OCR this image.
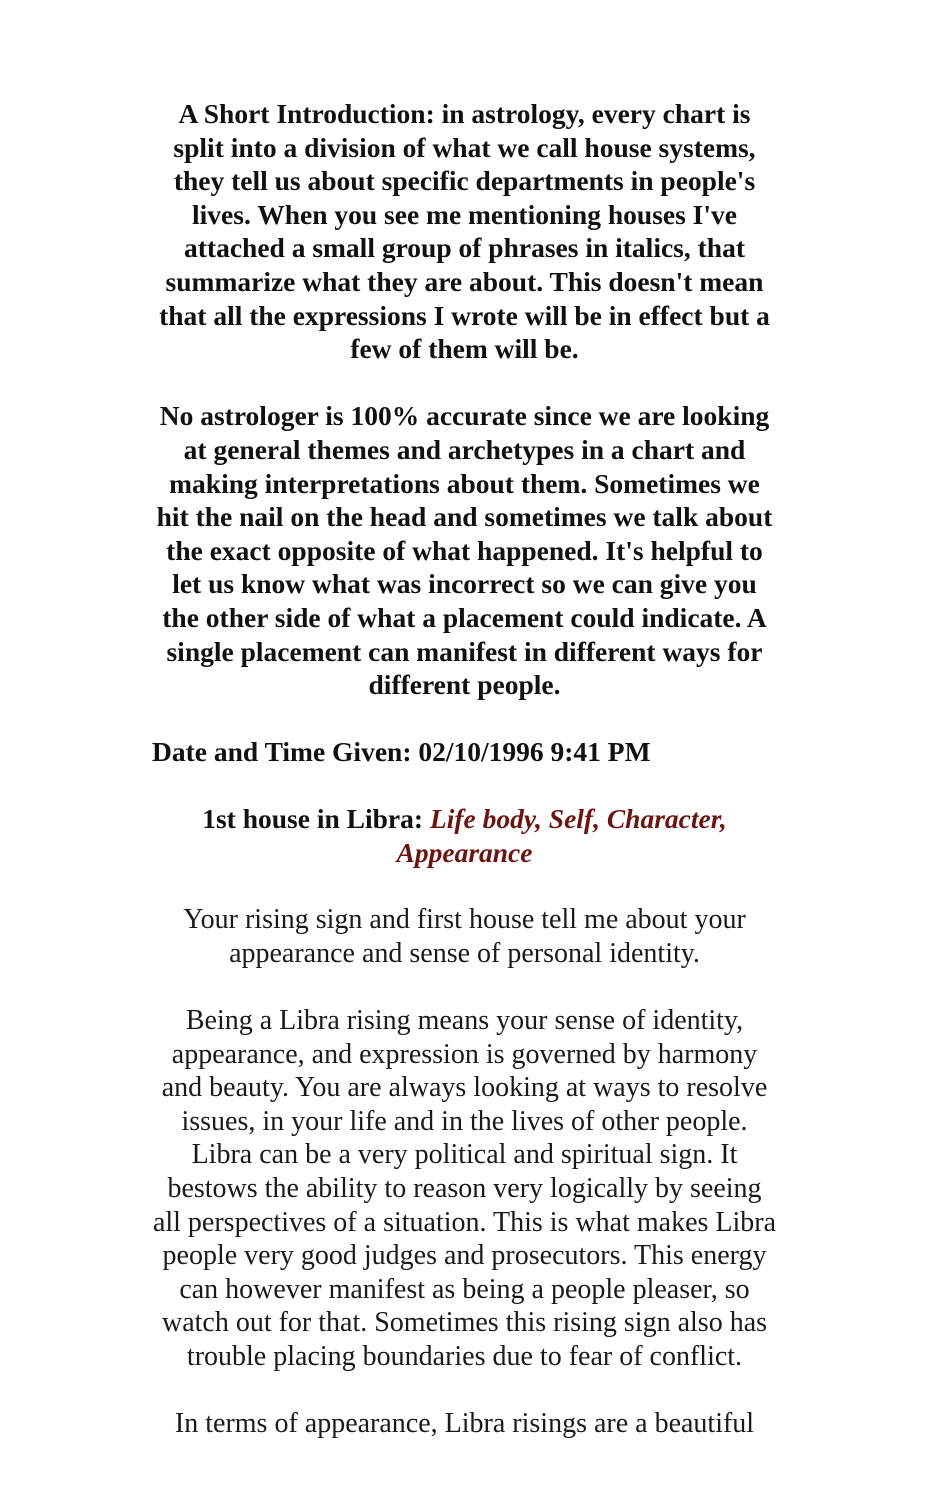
A Short Introduction: in astrology, every chart is split into a division of what we call house systems, they tell us about specific departments in people's lives. When you see me mentioning houses I've attached a small group of phrases in italics, that summarize what they are about. This doesn't mean that all the expressions I wrote will be in effect but a few of them will be.

No astrologer is 100% accurate since we are looking at general themes and archetypes in a chart and making interpretations about them. Sometimes we hit the nail on the head and sometimes we talk about the exact opposite of what happened. It's helpful to let us know what was incorrect so we can give you the other side of what a placement could indicate. A single placement can manifest in different ways for different people.

Date and Time Given: 02/10/1996 9:41 PM

1st house in Libra: Life body, Self, Character, Appearance

Your rising sign and first house tell me about your appearance and sense of personal identity.

Being a Libra rising means your sense of identity, appearance, and expression is governed by harmony and beauty. You are always looking at ways to resolve issues, in your life and in the lives of other people. Libra can be a very political and spiritual sign. It bestows the ability to reason very logically by seeing all perspectives of a situation. This is what makes Libra people very good judges and prosecutors. This energy can however manifest as being a people pleaser, so watch out for that. Sometimes this rising sign also has trouble placing boundaries due to fear of conflict.

In terms of appearance, Libra risings are a beautiful
